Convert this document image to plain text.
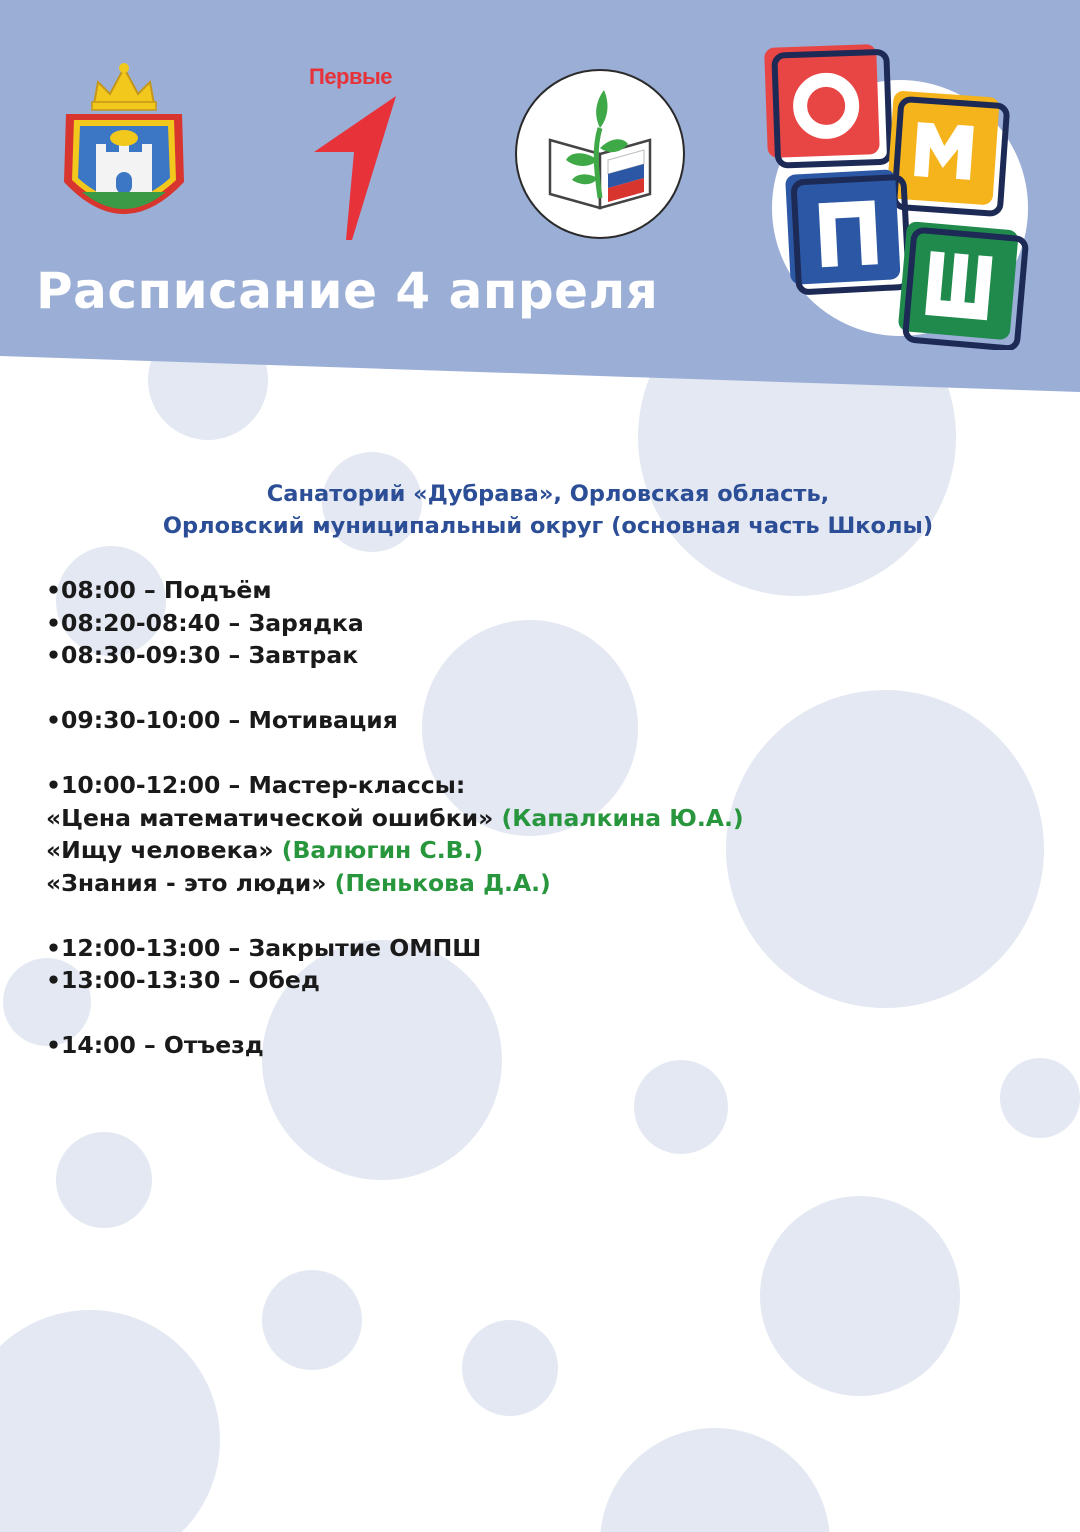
Первые
Расписание 4 апреля
Санаторий «Дубрава», Орловская область,
Орловский муниципальный округ (основная часть Школы)
•08:00 – Подъём
•08:20-08:40 – Зарядка
•08:30-09:30 – Завтрак
•09:30-10:00 – Мотивация
•10:00-12:00 – Мастер-классы:
«Цена математической ошибки» (Капалкина Ю.А.)
«Ищу человека» (Валюгин С.В.)
«Знания - это люди» (Пенькова Д.А.)
•12:00-13:00 – Закрытие ОМПШ
•13:00-13:30 – Обед
•14:00 – Отъезд
